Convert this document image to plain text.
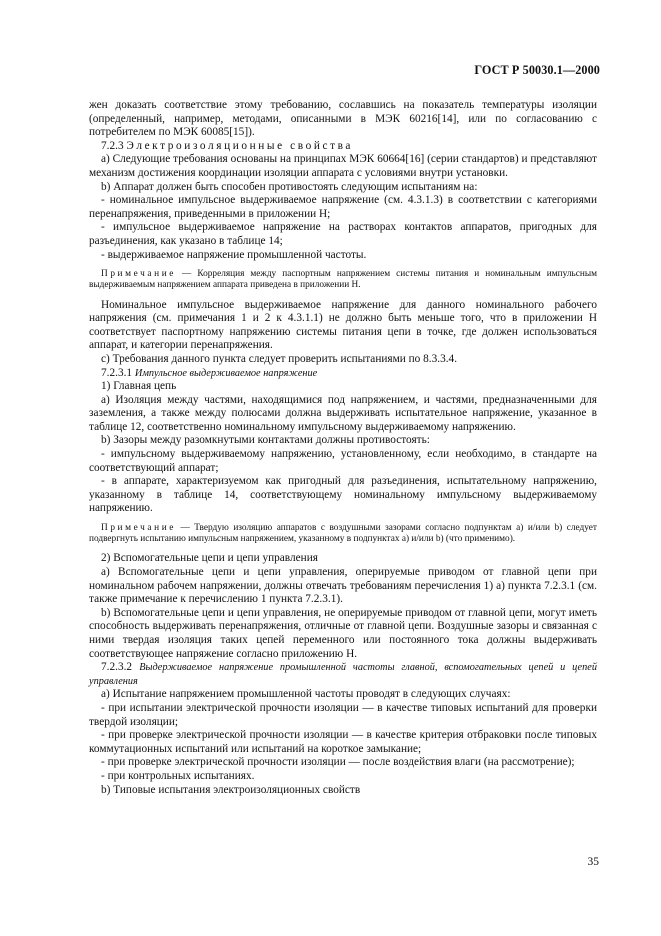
ГОСТ Р 50030.1—2000

жен доказать соответствие этому требованию, сославшись на показатель температуры изоляции (определенный, например, методами, описанными в МЭК 60216[14], или по согласованию с потребителем по МЭК 60085[15]).

7.2.3 Электроизоляционные свойства

а) Следующие требования основаны на принципах МЭК 60664[16] (серии стандартов) и представляют механизм достижения координации изоляции аппарата с условиями внутри установки.

b) Аппарат должен быть способен противостоять следующим испытаниям на:

- номинальное импульсное выдерживаемое напряжение (см. 4.3.1.3) в соответствии с категориями перенапряжения, приведенными в приложении Н;

- импульсное выдерживаемое напряжение на растворах контактов аппаратов, пригодных для разъединения, как указано в таблице 14;

- выдерживаемое напряжение промышленной частоты.

Примечание — Корреляция между паспортным напряжением системы питания и номинальным импульсным выдерживаемым напряжением аппарата приведена в приложении Н.

Номинальное импульсное выдерживаемое напряжение для данного номинального рабочего напряжения (см. примечания 1 и 2 к 4.3.1.1) не должно быть меньше того, что в приложении Н соответствует паспортному напряжению системы питания цепи в точке, где должен использоваться аппарат, и категории перенапряжения.

с) Требования данного пункта следует проверить испытаниями по 8.3.3.4.

7.2.3.1 Импульсное выдерживаемое напряжение

1) Главная цепь

а) Изоляция между частями, находящимися под напряжением, и частями, предназначенными для заземления, а также между полюсами должна выдерживать испытательное напряжение, указанное в таблице 12, соответственно номинальному импульсному выдерживаемому напряжению.

b) Зазоры между разомкнутыми контактами должны противостоять:

- импульсному выдерживаемому напряжению, установленному, если необходимо, в стандарте на соответствующий аппарат;

- в аппарате, характеризуемом как пригодный для разъединения, испытательному напряжению, указанному в таблице 14, соответствующему номинальному импульсному выдерживаемому напряжению.

Примечание — Твердую изоляцию аппаратов с воздушными зазорами согласно подпунктам а) и/или b) следует подвергнуть испытанию импульсным напряжением, указанному в подпунктах а) и/или b) (что применимо).

2) Вспомогательные цепи и цепи управления

а) Вспомогательные цепи и цепи управления, оперируемые приводом от главной цепи при номинальном рабочем напряжении, должны отвечать требованиям перечисления 1) а) пункта 7.2.3.1 (см. также примечание к перечислению 1 пункта 7.2.3.1).

b) Вспомогательные цепи и цепи управления, не оперируемые приводом от главной цепи, могут иметь способность выдерживать перенапряжения, отличные от главной цепи. Воздушные зазоры и связанная с ними твердая изоляция таких цепей переменного или постоянного тока должны выдерживать соответствующее напряжение согласно приложению Н.

7.2.3.2 Выдерживаемое напряжение промышленной частоты главной, вспомогательных цепей и цепей управления

а) Испытание напряжением промышленной частоты проводят в следующих случаях:

- при испытании электрической прочности изоляции — в качестве типовых испытаний для проверки твердой изоляции;

- при проверке электрической прочности изоляции — в качестве критерия отбраковки после типовых коммутационных испытаний или испытаний на короткое замыкание;

- при проверке электрической прочности изоляции — после воздействия влаги (на рассмотрение);

- при контрольных испытаниях.

b) Типовые испытания электроизоляционных свойств

35
